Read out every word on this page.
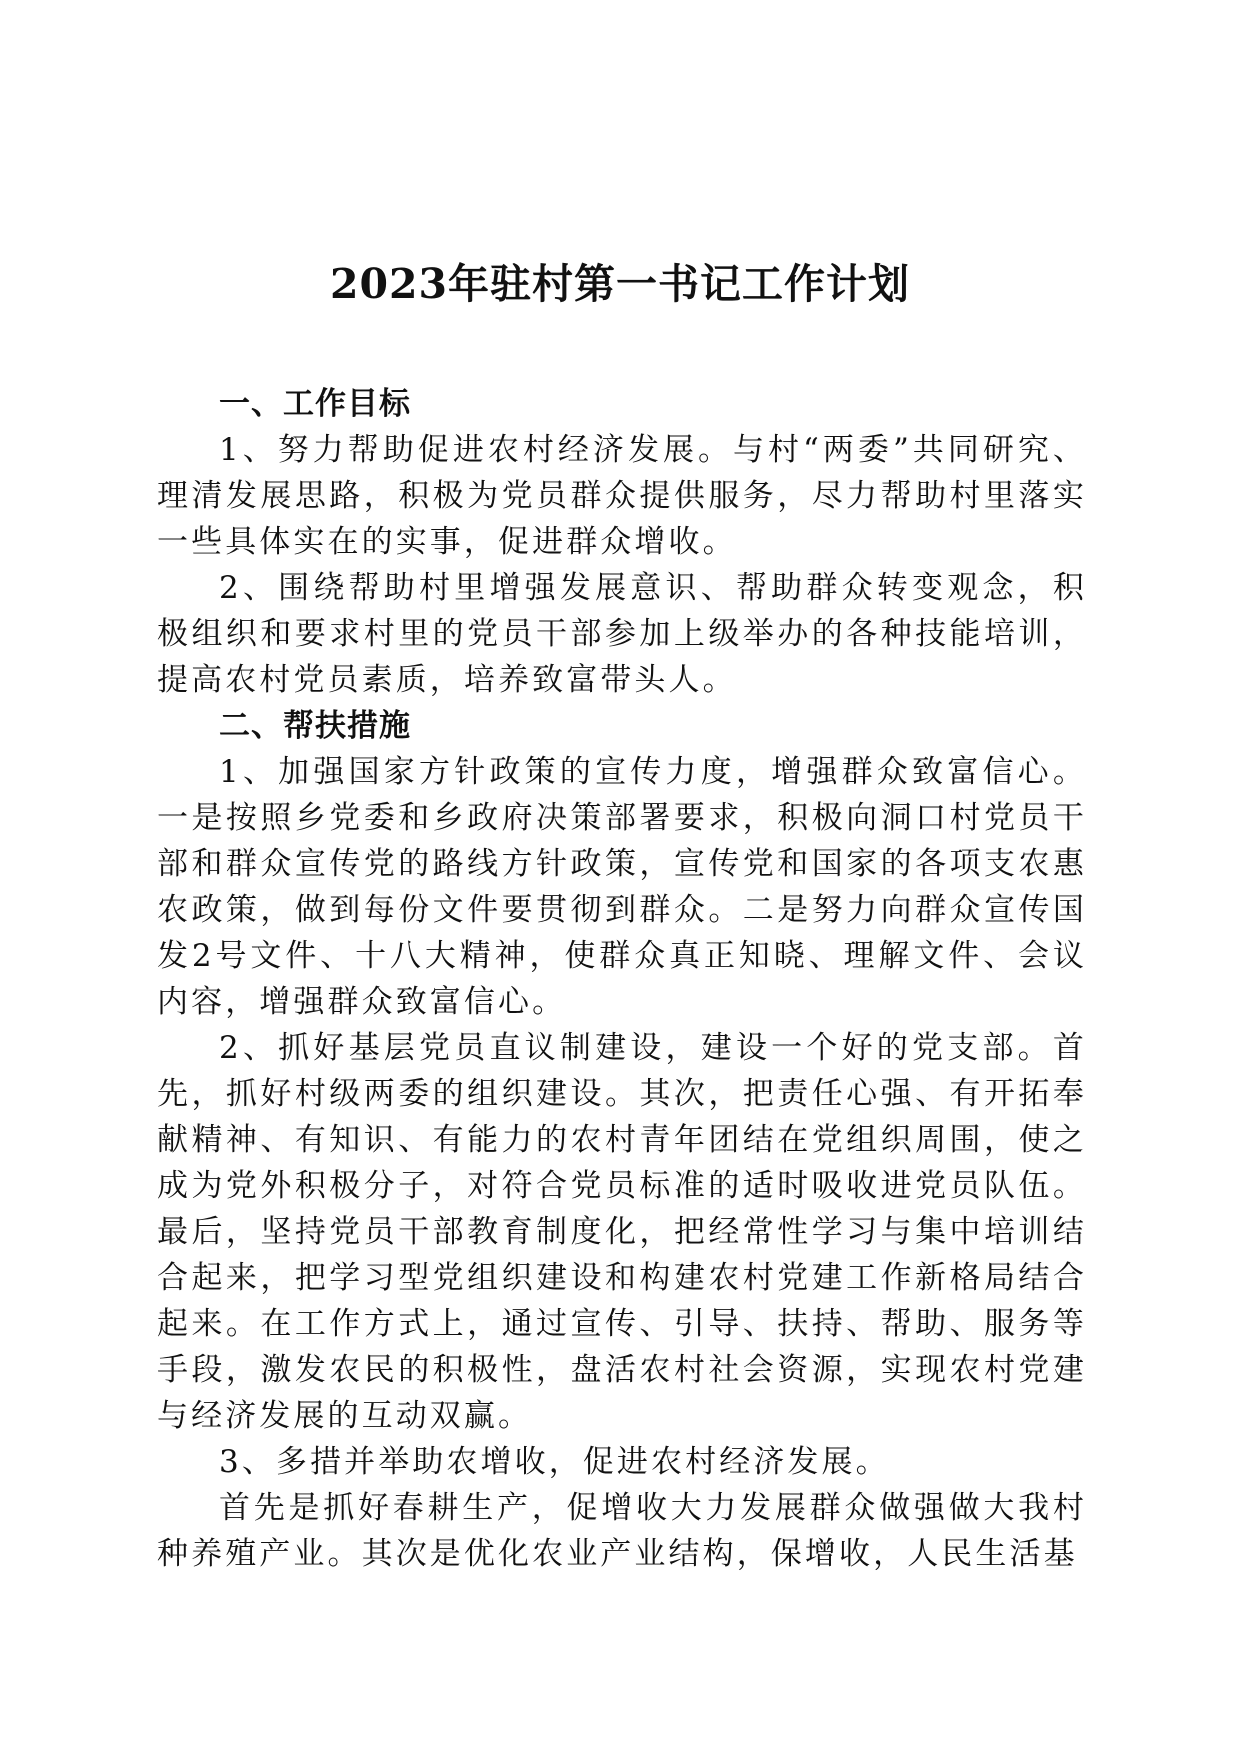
2023年驻村第一书记工作计划
一、工作目标

1、努力帮助促进农村经济发展。与村“两委”共同研究、理清发展思路，积极为党员群众提供服务，尽力帮助村里落实一些具体实在的实事，促进群众增收。

2、围绕帮助村里增强发展意识、帮助群众转变观念，积极组织和要求村里的党员干部参加上级举办的各种技能培训，提高农村党员素质，培养致富带头人。

二、帮扶措施

1、加强国家方针政策的宣传力度，增强群众致富信心。一是按照乡党委和乡政府决策部署要求，积极向洞口村党员干部和群众宣传党的路线方针政策，宣传党和国家的各项支农惠农政策，做到每份文件要贯彻到群众。二是努力向群众宣传国发2号文件、十八大精神，使群众真正知晓、理解文件、会议内容，增强群众致富信心。

2、抓好基层党员直议制建设，建设一个好的党支部。首先，抓好村级两委的组织建设。其次，把责任心强、有开拓奉献精神、有知识、有能力的农村青年团结在党组织周围，使之成为党外积极分子，对符合党员标准的适时吸收进党员队伍。最后，坚持党员干部教育制度化，把经常性学习与集中培训结合起来，把学习型党组织建设和构建农村党建工作新格局结合起来。在工作方式上，通过宣传、引导、扶持、帮助、服务等手段，激发农民的积极性，盘活农村社会资源，实现农村党建与经济发展的互动双赢。

3、多措并举助农增收，促进农村经济发展。

首先是抓好春耕生产，促增收大力发展群众做强做大我村种养殖产业。其次是优化农业产业结构，保增收，人民生活基
